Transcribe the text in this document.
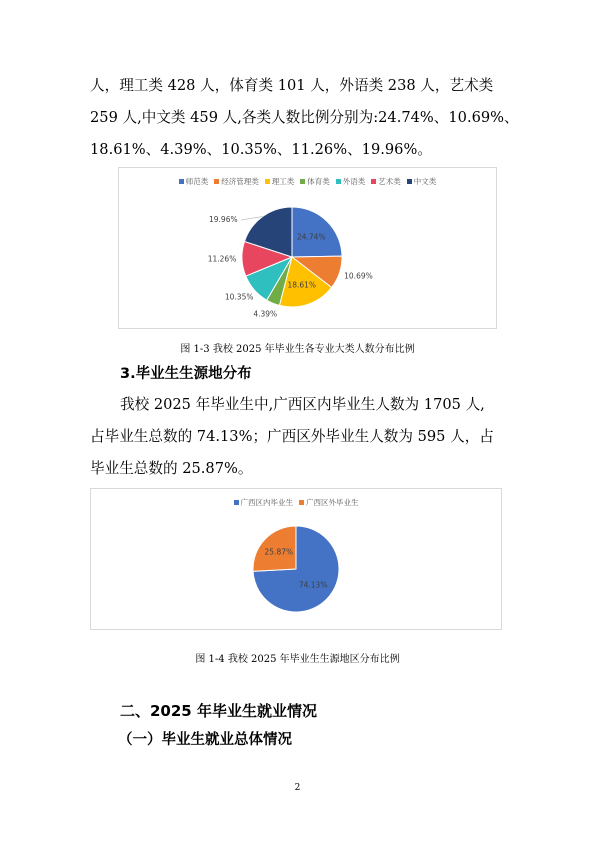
人，理工类 428 人，体育类 101 人，外语类 238 人，艺术类

259 人,中文类 459 人,各类人数比例分别为:24.74%、10.69%、

18.61%、4.39%、10.35%、11.26%、19.96%。

师范类 经济管理类 理工类 体育类 外语类 艺术类 中文类
24.74%
10.69%
18.61%
4.39%
10.35%
11.26%
19.96%
图 1-3 我校 2025 年毕业生各专业大类人数分布比例
3.毕业生生源地分布

我校 2025 年毕业生中,广西区内毕业生人数为 1705 人,

占毕业生总数的 74.13%；广西区外毕业生人数为 595 人，占

毕业生总数的 25.87%。

广西区内毕业生 广西区外毕业生
74.13%
25.87%
图 1-4 我校 2025 年毕业生生源地区分布比例
二、2025 年毕业生就业情况
（一）毕业生就业总体情况
2
